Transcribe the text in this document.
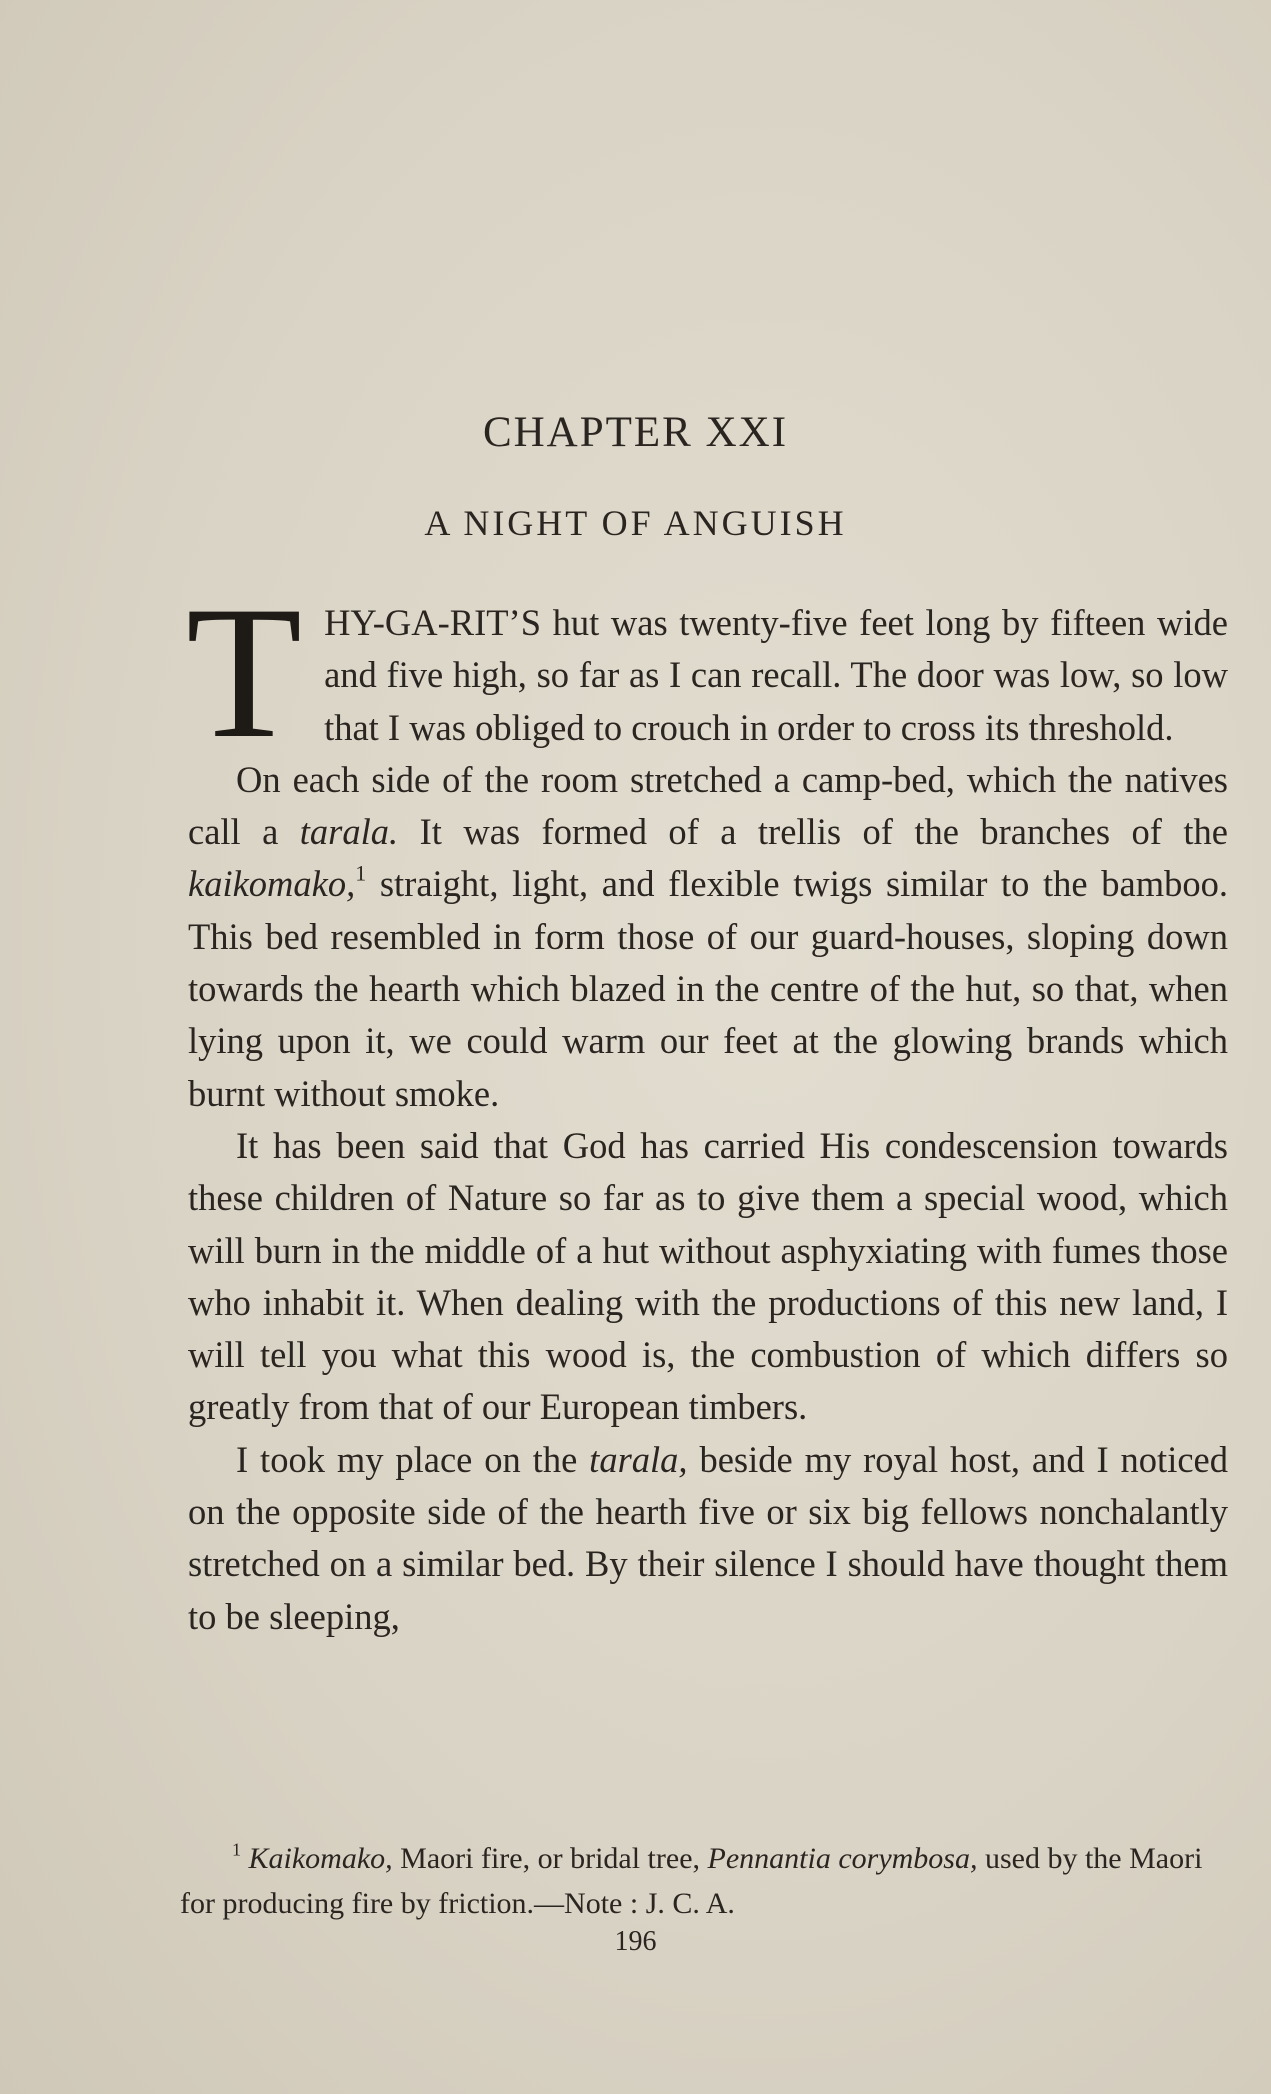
CHAPTER XXI
A NIGHT OF ANGUISH

THY-GA-RIT’S hut was twenty-five feet long by fifteen wide and five high, so far as I can recall. The door was low, so low that I was obliged to crouch in order to cross its threshold.

On each side of the room stretched a camp-bed, which the natives call a tarala. It was formed of a trellis of the branches of the kaikomako,$^1$ straight, light, and flexible twigs similar to the bamboo. This bed resembled in form those of our guard-houses, sloping down towards the hearth which blazed in the centre of the hut, so that, when lying upon it, we could warm our feet at the glowing brands which burnt without smoke.

It has been said that God has carried His condescension towards these children of Nature so far as to give them a special wood, which will burn in the middle of a hut without asphyxiating with fumes those who inhabit it. When dealing with the productions of this new land, I will tell you what this wood is, the combustion of which differs so greatly from that of our European timbers.

I took my place on the tarala, beside my royal host, and I noticed on the opposite side of the hearth five or six big fellows nonchalantly stretched on a similar bed. By their silence I should have thought them to be sleeping,

$^1$ Kaikomako, Maori fire, or bridal tree, Pennantia corymbosa, used by the Maori for producing fire by friction.—Note : J. C. A.
196
